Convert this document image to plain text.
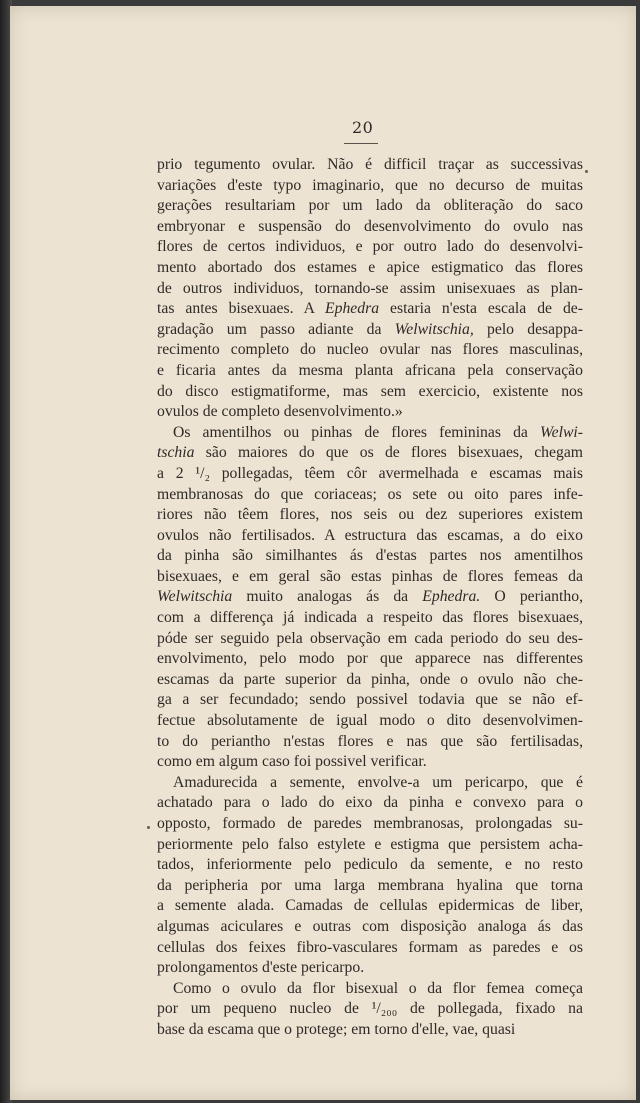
20

prio tegumento ovular. Não é difficil traçar as successivas
variações d'este typo imaginario, que no decurso de muitas
gerações resultariam por um lado da obliteração do saco
embryonar e suspensão do desenvolvimento do ovulo nas
flores de certos individuos, e por outro lado do desenvolvi-
mento abortado dos estames e apice estigmatico das flores
de outros individuos, tornando-se assim unisexuaes as plan-
tas antes bisexuaes. A Ephedra estaria n'esta escala de de-
gradação um passo adiante da Welwitschia, pelo desappa-
recimento completo do nucleo ovular nas flores masculinas,
e ficaria antes da mesma planta africana pela conservação
do disco estigmatiforme, mas sem exercicio, existente nos
ovulos de completo desenvolvimento.»

Os amentilhos ou pinhas de flores femininas da Welwi-
tschia são maiores do que os de flores bisexuaes, chegam
a 2 ¹/₂ pollegadas, têem côr avermelhada e escamas mais
membranosas do que coriaceas; os sete ou oito pares infe-
riores não têem flores, nos seis ou dez superiores existem
ovulos não fertilisados. A estructura das escamas, a do eixo
da pinha são similhantes ás d'estas partes nos amentilhos
bisexuaes, e em geral são estas pinhas de flores femeas da
Welwitschia muito analogas ás da Ephedra. O perianthо,
com a differença já indicada a respeito das flores bisexuaes,
póde ser seguido pela observação em cada periodo do seu des-
envolvimento, pelo modo por que apparece nas differentes
escamas da parte superior da pinha, onde o ovulo não che-
ga a ser fecundado; sendo possivel todavia que se não ef-
fectue absolutamente de igual modo o dito desenvolvimen-
to do perianthо n'estas flores e nas que são fertilisadas,
como em algum caso foi possivel verificar.

Amadurecida a semente, envolve-a um pericarpo, que é
achatado para o lado do eixo da pinha e convexo para o
opposto, formado de paredes membranosas, prolongadas su-
periormente pelo falso estylete e estigma que persistem acha-
tados, inferiormente pelo pediculo da semente, e no resto
da peripheria por uma larga membrana hyalina que torna
a semente alada. Camadas de cellulas epidermicas de liber,
algumas aciculares e outras com disposição analoga ás das
cellulas dos feixes fibro-vasculares formam as paredes e os
prolongamentos d'este pericarpo.

Como o ovulo da flor bisexual o da flor femea começa
por um pequeno nucleo de ¹/₂₀₀ de pollegada, fixado na
base da escama que o protege; em torno d'elle, vae, quasi
